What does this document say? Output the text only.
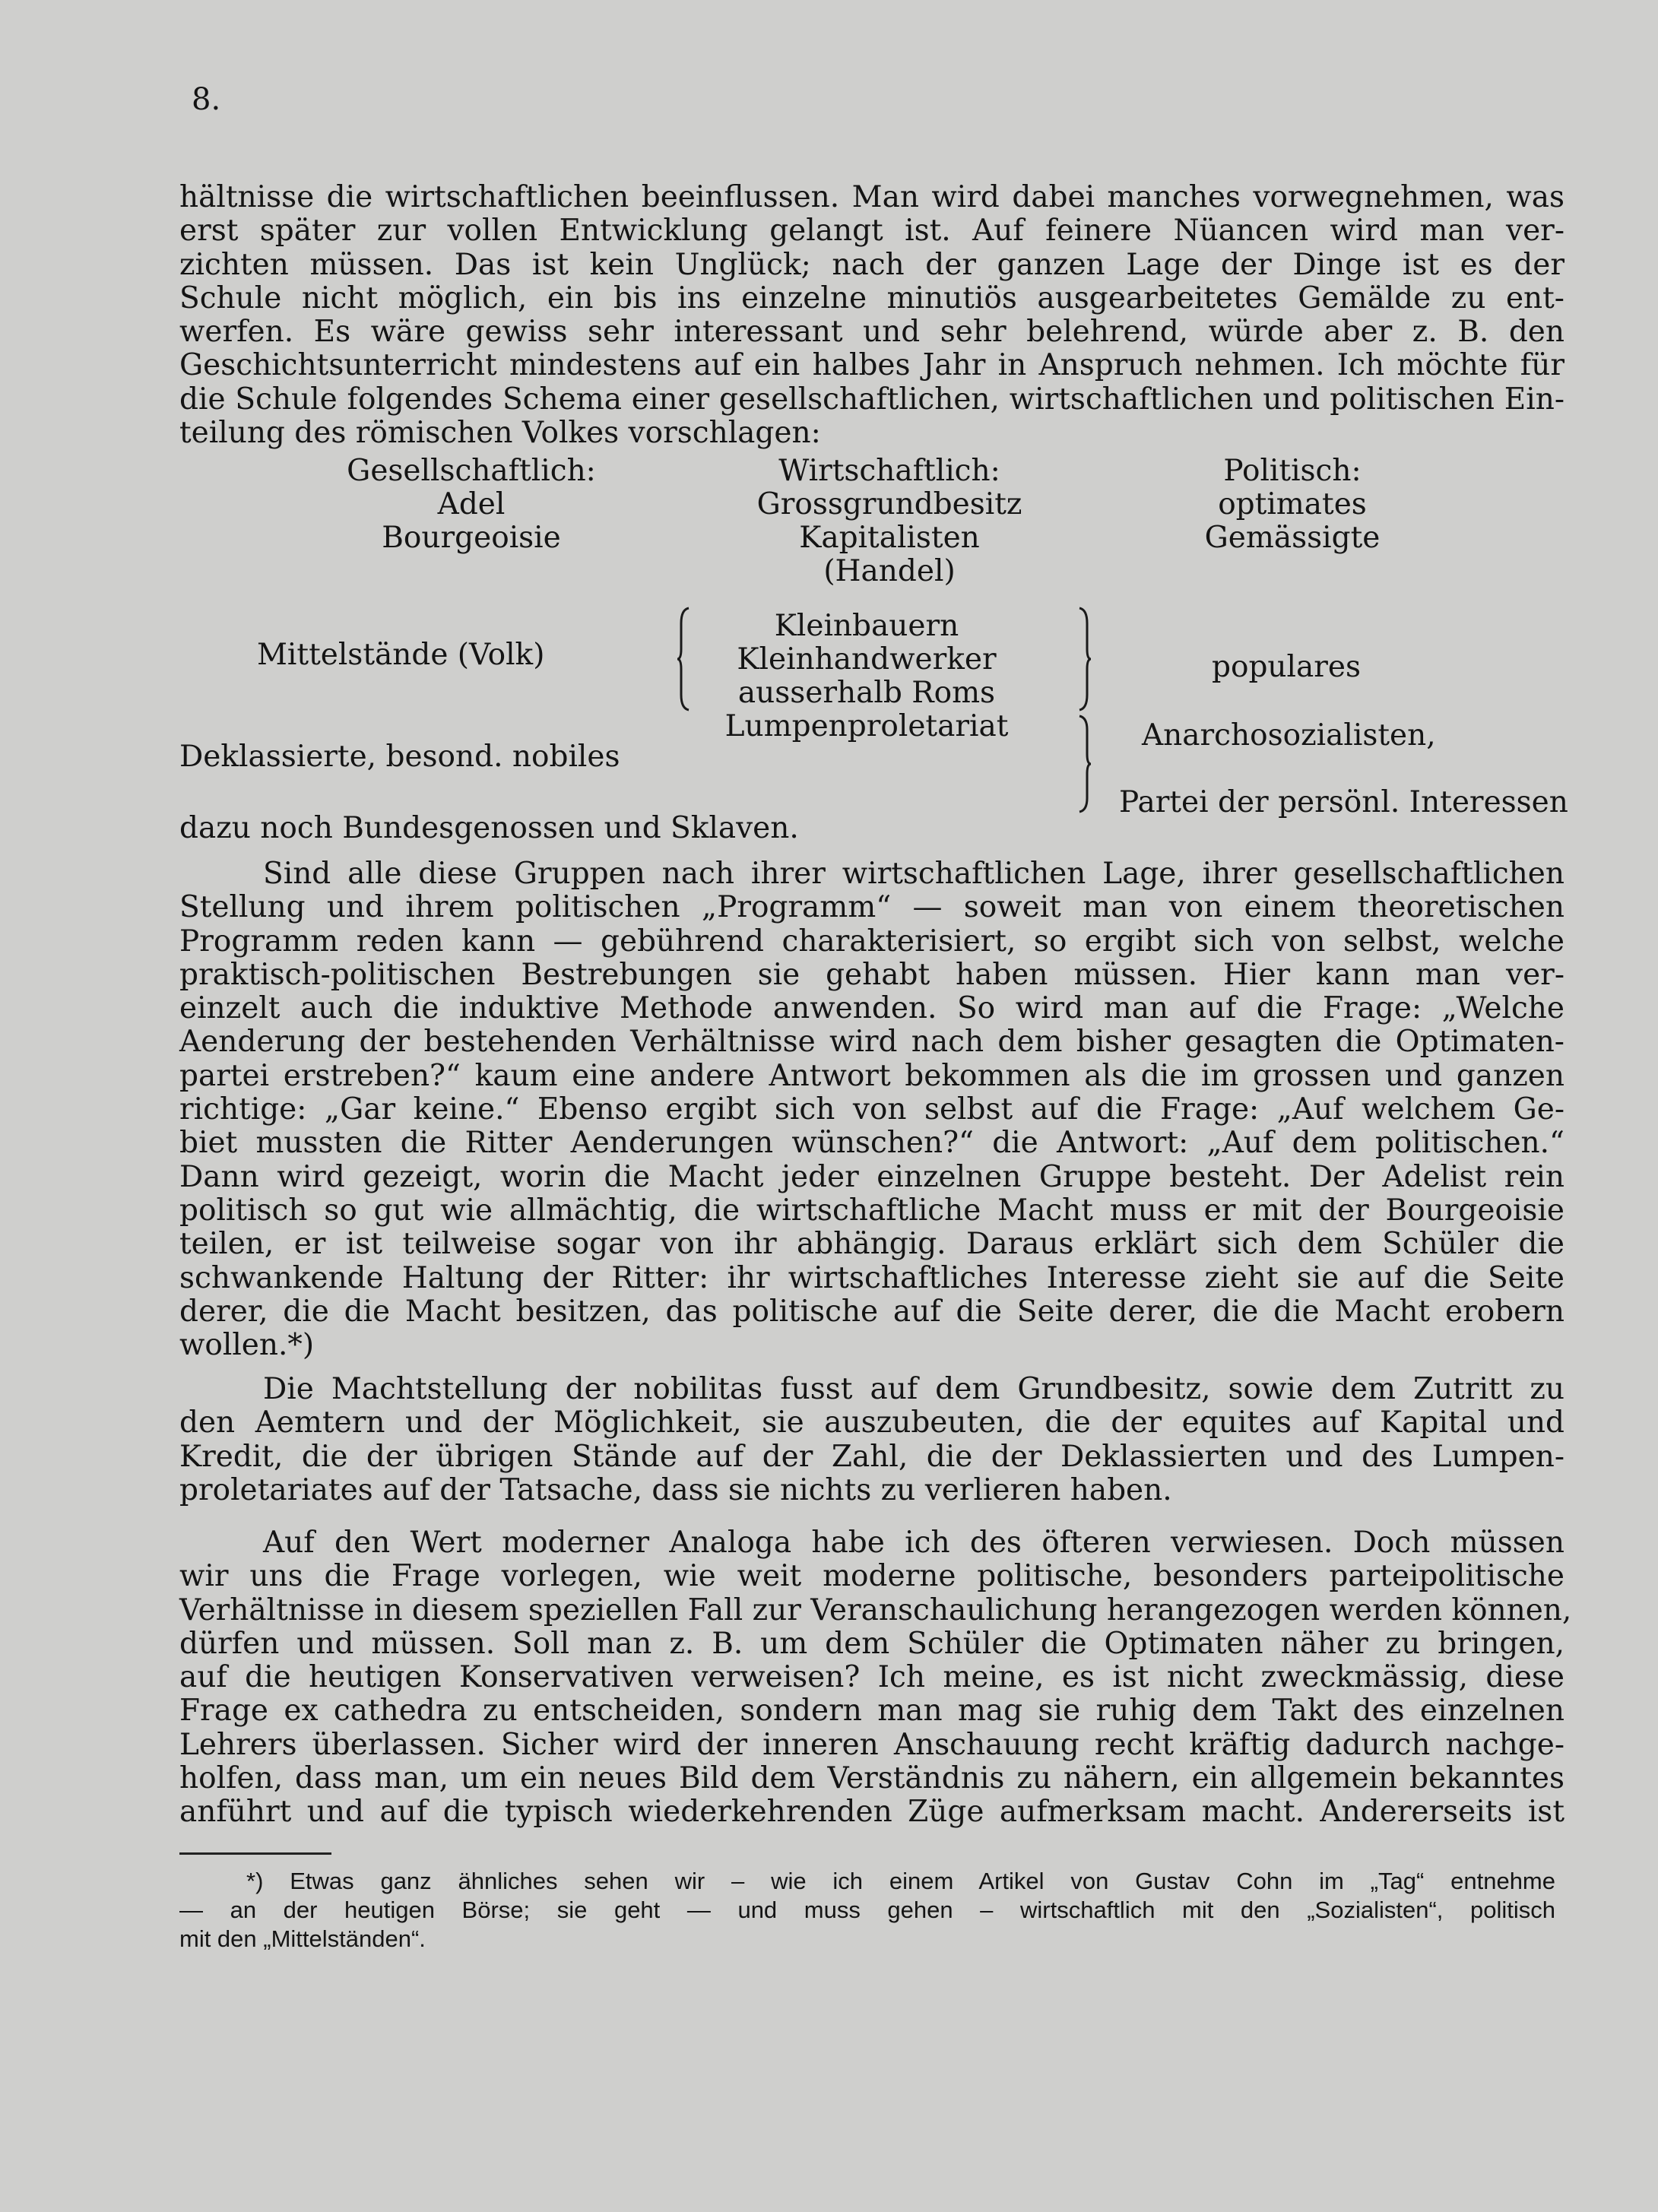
8.
hältnisse die wirtschaftlichen beeinflussen. Man wird dabei manches vorwegnehmen, was
erst später zur vollen Entwicklung gelangt ist. Auf feinere Nüancen wird man ver-
zichten müssen. Das ist kein Unglück; nach der ganzen Lage der Dinge ist es der
Schule nicht möglich, ein bis ins einzelne minutiös ausgearbeitetes Gemälde zu ent-
werfen. Es wäre gewiss sehr interessant und sehr belehrend, würde aber z. B. den
Geschichtsunterricht mindestens auf ein halbes Jahr in Anspruch nehmen. Ich möchte für
die Schule folgendes Schema einer gesellschaftlichen, wirtschaftlichen und politischen Ein-
teilung des römischen Volkes vorschlagen:
Gesellschaftlich:
Adel
Bourgeoisie
Wirtschaftlich:
Grossgrundbesitz
Kapitalisten
(Handel)
Politisch:
optimates
Gemässigte
Mittelstände (Volk)
Kleinbauern
Kleinhandwerker
ausserhalb Roms
Lumpenproletariat
populares
Anarchosozialisten,
Deklassierte, besond. nobiles
Partei der persönl. Interessen
dazu noch Bundesgenossen und Sklaven.
Sind alle diese Gruppen nach ihrer wirtschaftlichen Lage, ihrer gesellschaftlichen
Stellung und ihrem politischen „Programm“ — soweit man von einem theoretischen
Programm reden kann — gebührend charakterisiert, so ergibt sich von selbst, welche
praktisch-politischen Bestrebungen sie gehabt haben müssen. Hier kann man ver-
einzelt auch die induktive Methode anwenden. So wird man auf die Frage: „Welche
Aenderung der bestehenden Verhältnisse wird nach dem bisher gesagten die Optimaten-
partei erstreben?“ kaum eine andere Antwort bekommen als die im grossen und ganzen
richtige: „Gar keine.“ Ebenso ergibt sich von selbst auf die Frage: „Auf welchem Ge-
biet mussten die Ritter Aenderungen wünschen?“ die Antwort: „Auf dem politischen.“
Dann wird gezeigt, worin die Macht jeder einzelnen Gruppe besteht. Der Adelist rein
politisch so gut wie allmächtig, die wirtschaftliche Macht muss er mit der Bourgeoisie
teilen, er ist teilweise sogar von ihr abhängig. Daraus erklärt sich dem Schüler die
schwankende Haltung der Ritter: ihr wirtschaftliches Interesse zieht sie auf die Seite
derer, die die Macht besitzen, das politische auf die Seite derer, die die Macht erobern
wollen.*)
Die Machtstellung der nobilitas fusst auf dem Grundbesitz, sowie dem Zutritt zu
den Aemtern und der Möglichkeit, sie auszubeuten, die der equites auf Kapital und
Kredit, die der übrigen Stände auf der Zahl, die der Deklassierten und des Lumpen-
proletariates auf der Tatsache, dass sie nichts zu verlieren haben.
Auf den Wert moderner Analoga habe ich des öfteren verwiesen. Doch müssen
wir uns die Frage vorlegen, wie weit moderne politische, besonders parteipolitische
Verhältnisse in diesem speziellen Fall zur Veranschaulichung herangezogen werden können,
dürfen und müssen. Soll man z. B. um dem Schüler die Optimaten näher zu bringen,
auf die heutigen Konservativen verweisen? Ich meine, es ist nicht zweckmässig, diese
Frage ex cathedra zu entscheiden, sondern man mag sie ruhig dem Takt des einzelnen
Lehrers überlassen. Sicher wird der inneren Anschauung recht kräftig dadurch nachge-
holfen, dass man, um ein neues Bild dem Verständnis zu nähern, ein allgemein bekanntes
anführt und auf die typisch wiederkehrenden Züge aufmerksam macht. Andererseits ist
*) Etwas ganz ähnliches sehen wir – wie ich einem Artikel von Gustav Cohn im „Tag“ entnehme
— an der heutigen Börse; sie geht — und muss gehen – wirtschaftlich mit den „Sozialisten“, politisch
mit den „Mittelständen“.
